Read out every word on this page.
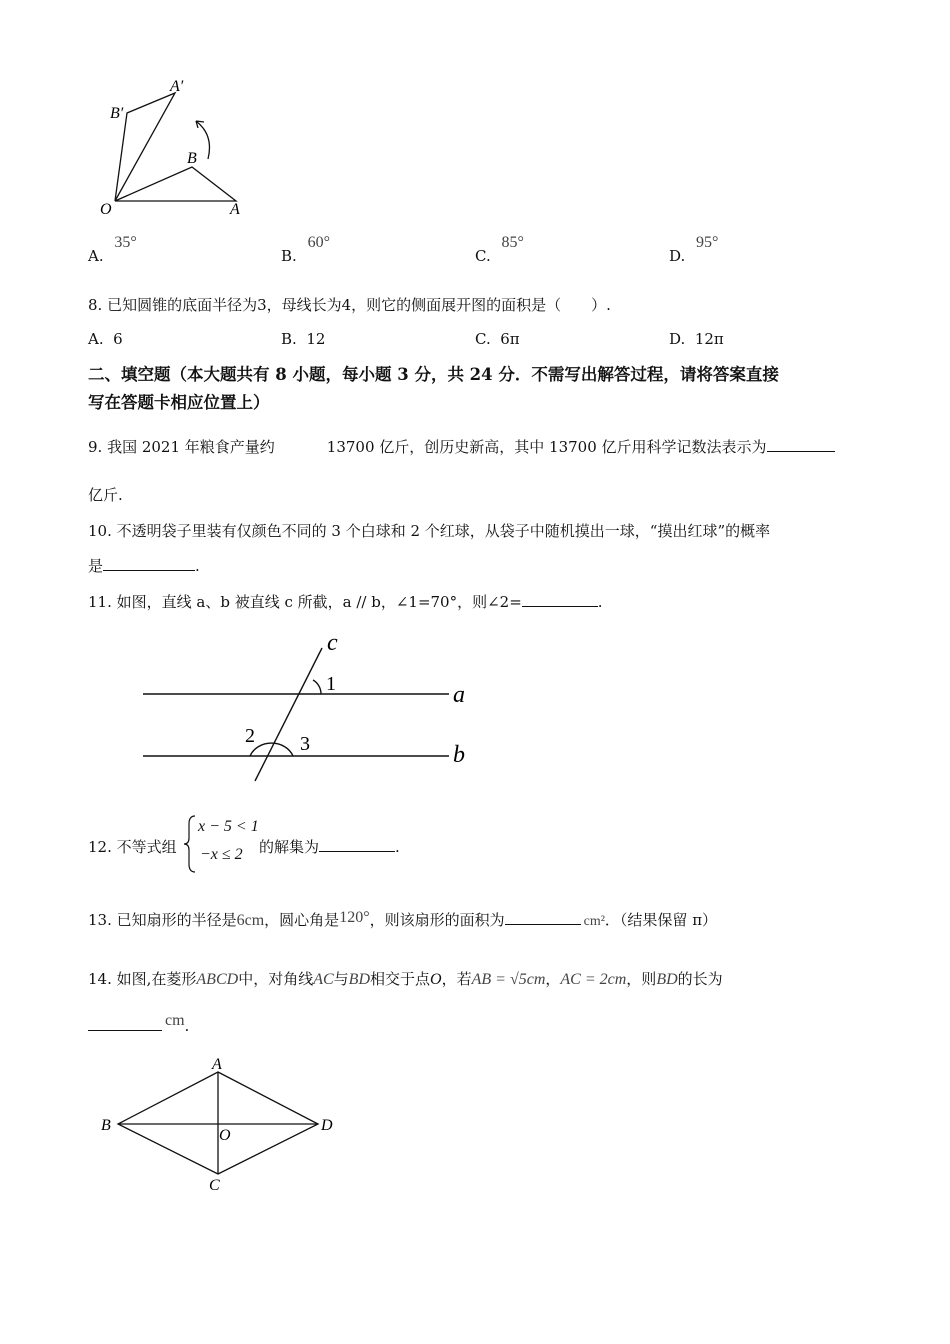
A′
B′
B
O	A
A. 35°
B. 60°
C. 85°
D. 95°
8. 已知圆锥的底面半径为3，母线长为4，则它的侧面展开图的面积是（　　）.
A. 6	B. 12	C. 6π	D. 12π
二、填空题（本大题共有 8 小题，每小题 3 分，共 24 分．不需写出解答过程，请将答案直接
写在答题卡相应位置上）
9. 我国 2021 年粮食产量约	13700 亿斤，创历史新高，其中 13700 亿斤用科学记数法表示为
亿斤.
10. 不透明袋子里装有仅颜色不同的 3 个白球和 2 个红球，从袋子中随机摸出一球，“摸出红球”的概率
是	.
11. 如图，直线 a、b 被直线 c 所截，a // b，∠1=70°，则∠2=	.
c
1	a
2 3	b
12. 不等式组
x − 5 < 1
−x ≤ 2 的解集为	.
13. 已知扇形的半径是6cm，圆心角是120°，则该扇形的面积为	cm²．（结果保留 π）
14. 如图,在菱形ABCD中，对角线AC与BD相交于点O，若AB = √5cm，AC = 2cm，则BD的长为
cm.
A
B
O
D
C
